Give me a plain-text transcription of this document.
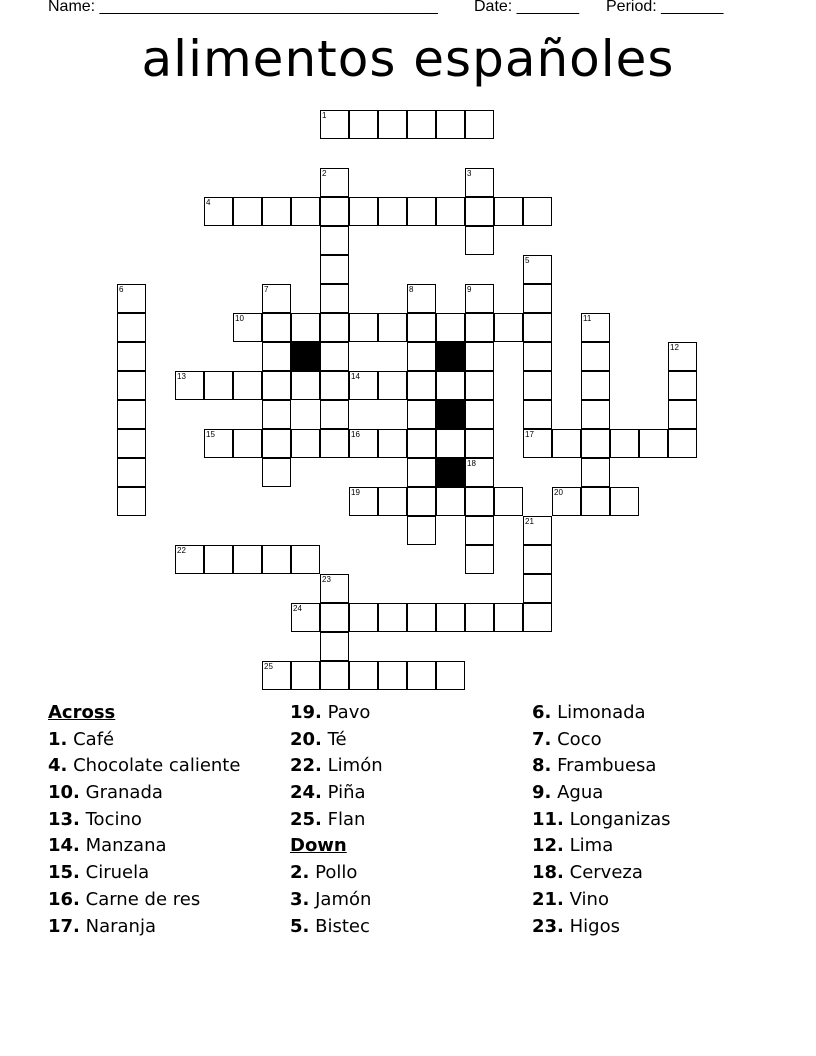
Name: ______________________________________ Date: _______ Period: _______
alimentos españoles
1
4
10
13	14
15	16	17
19	20
22
24
25
2	3
5
6	7	8	9
18
11
12
21
23
Across
1. Café
4. Chocolate caliente
10. Granada
13. Tocino
14. Manzana
15. Ciruela
16. Carne de res
17. Naranja
19. Pavo
20. Té
22. Limón
24. Piña
25. Flan
Down
2. Pollo
3. Jamón
5. Bistec
6. Limonada
7. Coco
8. Frambuesa
9. Agua
11. Longanizas
12. Lima
18. Cerveza
21. Vino
23. Higos
